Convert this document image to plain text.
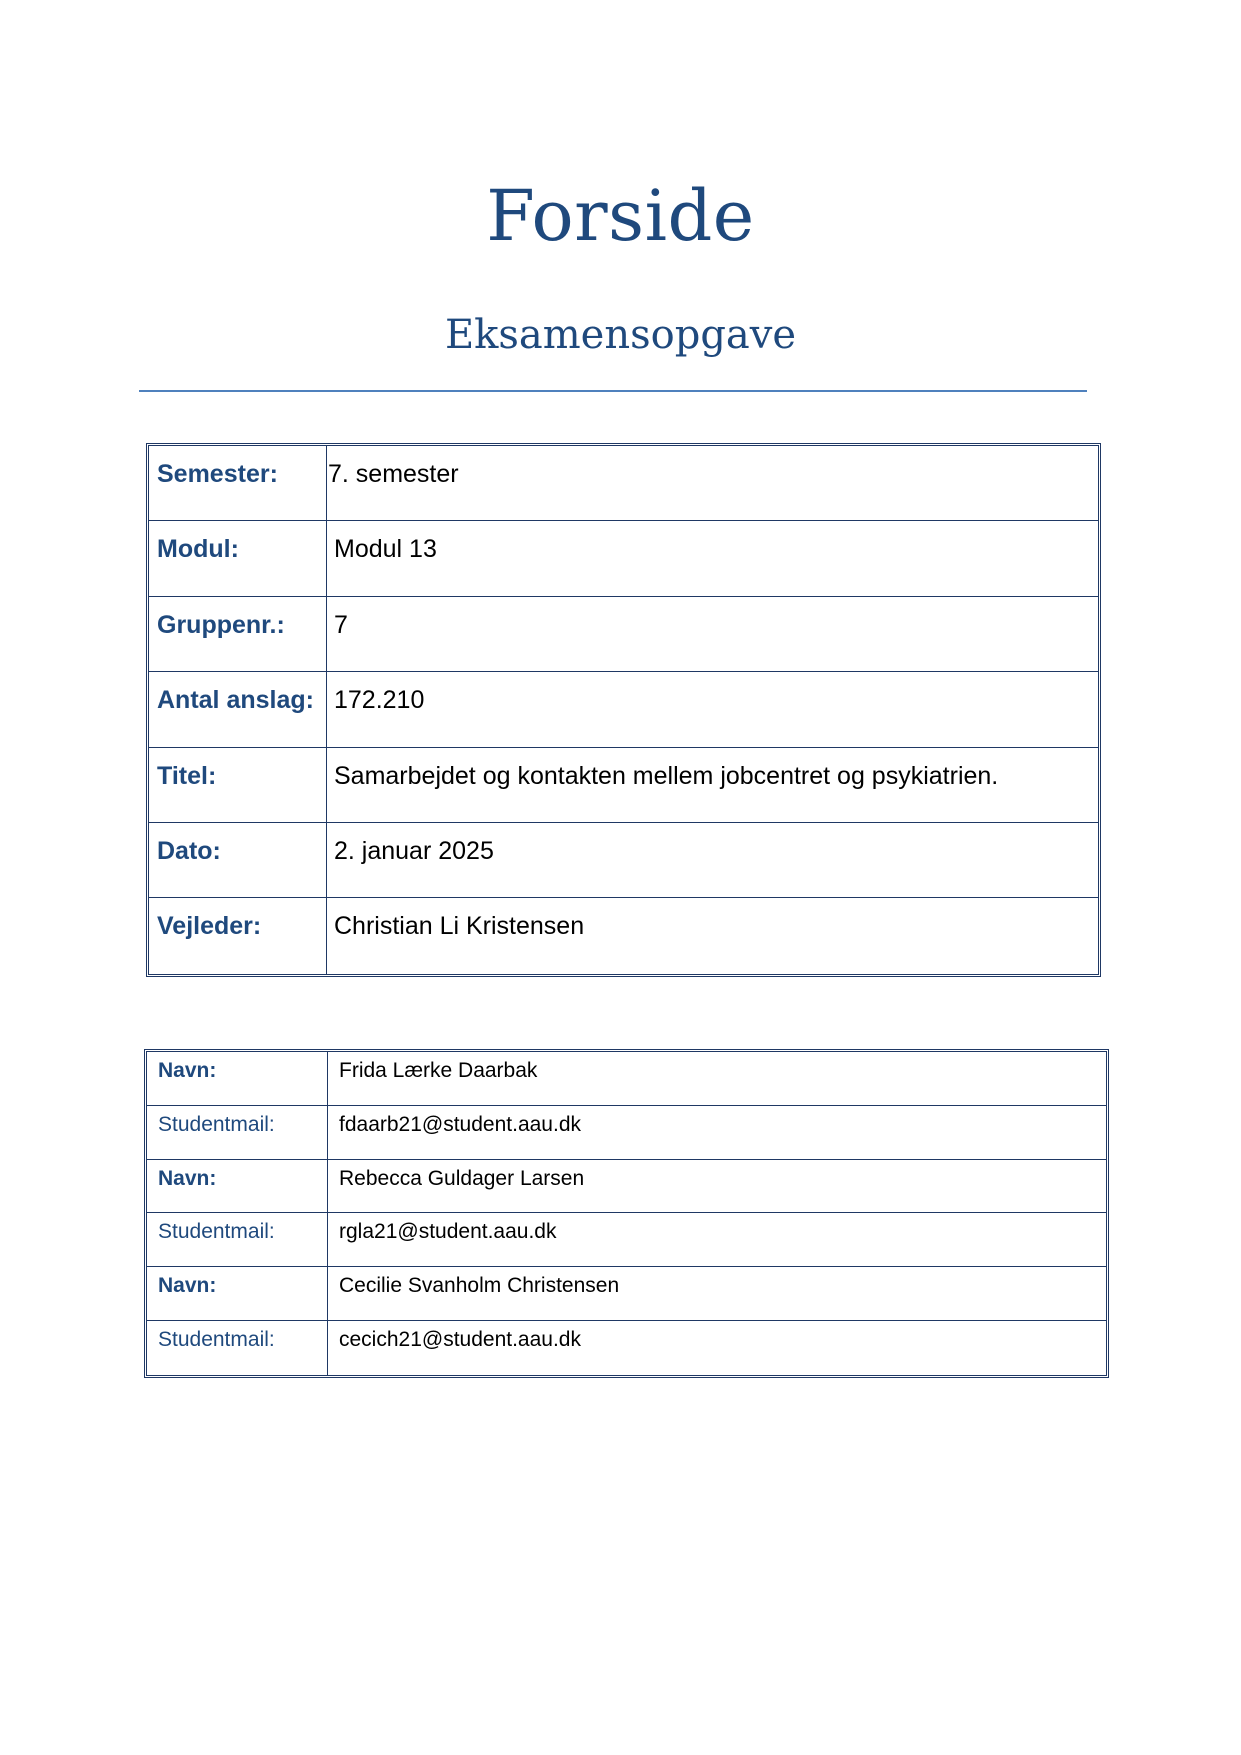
Forside
Eksamensopgave
Semester:	7. semester
Modul:	Modul 13
Gruppenr.:	7
Antal anslag: 172.210
Titel:	Samarbejdet og kontakten mellem jobcentret og psykiatrien.
Dato:	2. januar 2025
Vejleder:	Christian Li Kristensen
Navn:	Frida Lærke Daarbak
Studentmail:	fdaarb21@student.aau.dk
Navn:	Rebecca Guldager Larsen
Studentmail:	rgla21@student.aau.dk
Navn:	Cecilie Svanholm Christensen
Studentmail:	cecich21@student.aau.dk
